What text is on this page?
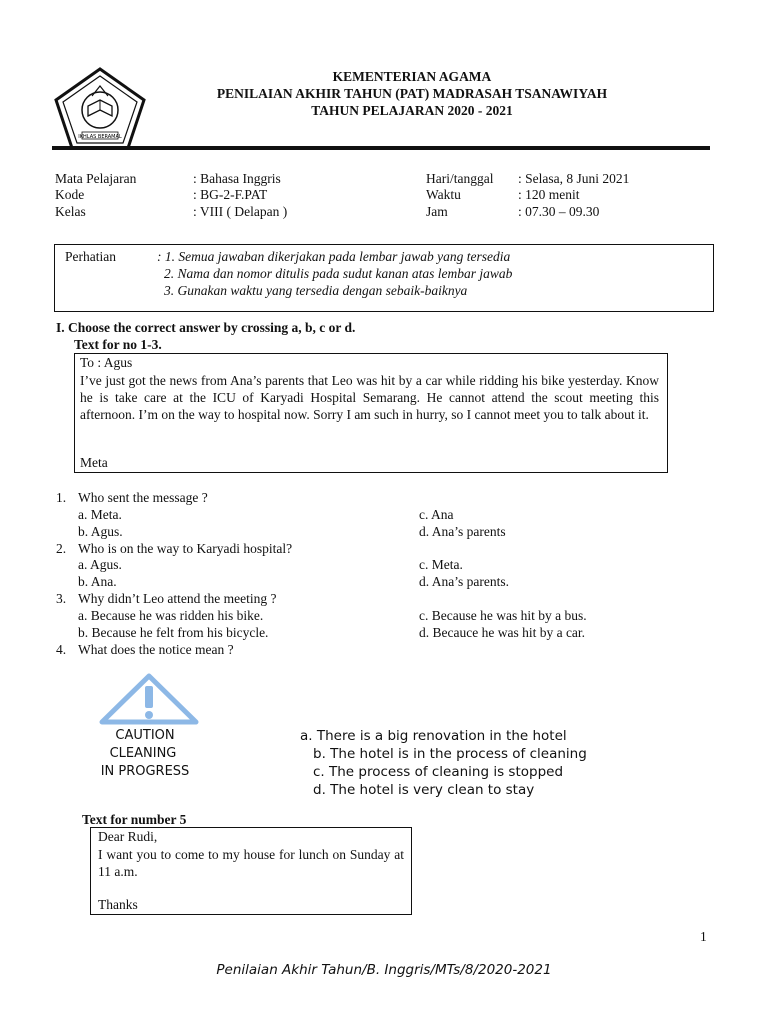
IKHLAS BERAMAL
KEMENTERIAN AGAMA
PENILAIAN AKHIR TAHUN (PAT) MADRASAH TSANAWIYAH
TAHUN PELAJARAN 2020 - 2021
Mata Pelajaran	: Bahasa Inggris
Kode	: BG-2-F.PAT
Kelas	: VIII ( Delapan )
Hari/tanggal : Selasa, 8 Juni 2021
Waktu	: 120 menit
Jam	: 07.30 – 09.30
Perhatian	: 1. Semua jawaban dikerjakan pada lembar jawab yang tersedia
2. Nama dan nomor ditulis pada sudut kanan atas lembar jawab
3. Gunakan waktu yang tersedia dengan sebaik-baiknya
I. Choose the correct answer by crossing a, b, c or d.
Text for no 1-3.
To : Agus
I’ve just got the news from Ana’s parents that Leo was hit by a car while ridding his bike yesterday. Know he is take care at the ICU of Karyadi Hospital Semarang. He cannot attend the scout meeting this afternoon. I’m on the way to hospital now. Sorry I am such in hurry, so I cannot meet you to talk about it.
Meta
1. Who sent the message ?
a. Meta.	c. Ana
b. Agus.	d. Ana’s parents
2. Who is on the way to Karyadi hospital?
a. Agus.	c. Meta.
b. Ana.	d. Ana’s parents.
3. Why didn’t Leo attend the meeting ?
a. Because he was ridden his bike.	c. Because he was hit by a bus.
b. Because he felt from his bicycle.	d. Becauce he was hit by a car.
4. What does the notice mean ?
CAUTION
CLEANING
IN PROGRESS
a. There is a big renovation in the hotel
b. The hotel is in the process of cleaning
c. The process of cleaning is stopped
d. The hotel is very clean to stay
Text for number 5
Dear Rudi,
I want you to come to my house for lunch on Sunday at 11 a.m.
Thanks
1
Penilaian Akhir Tahun/B. Inggris/MTs/8/2020-2021
